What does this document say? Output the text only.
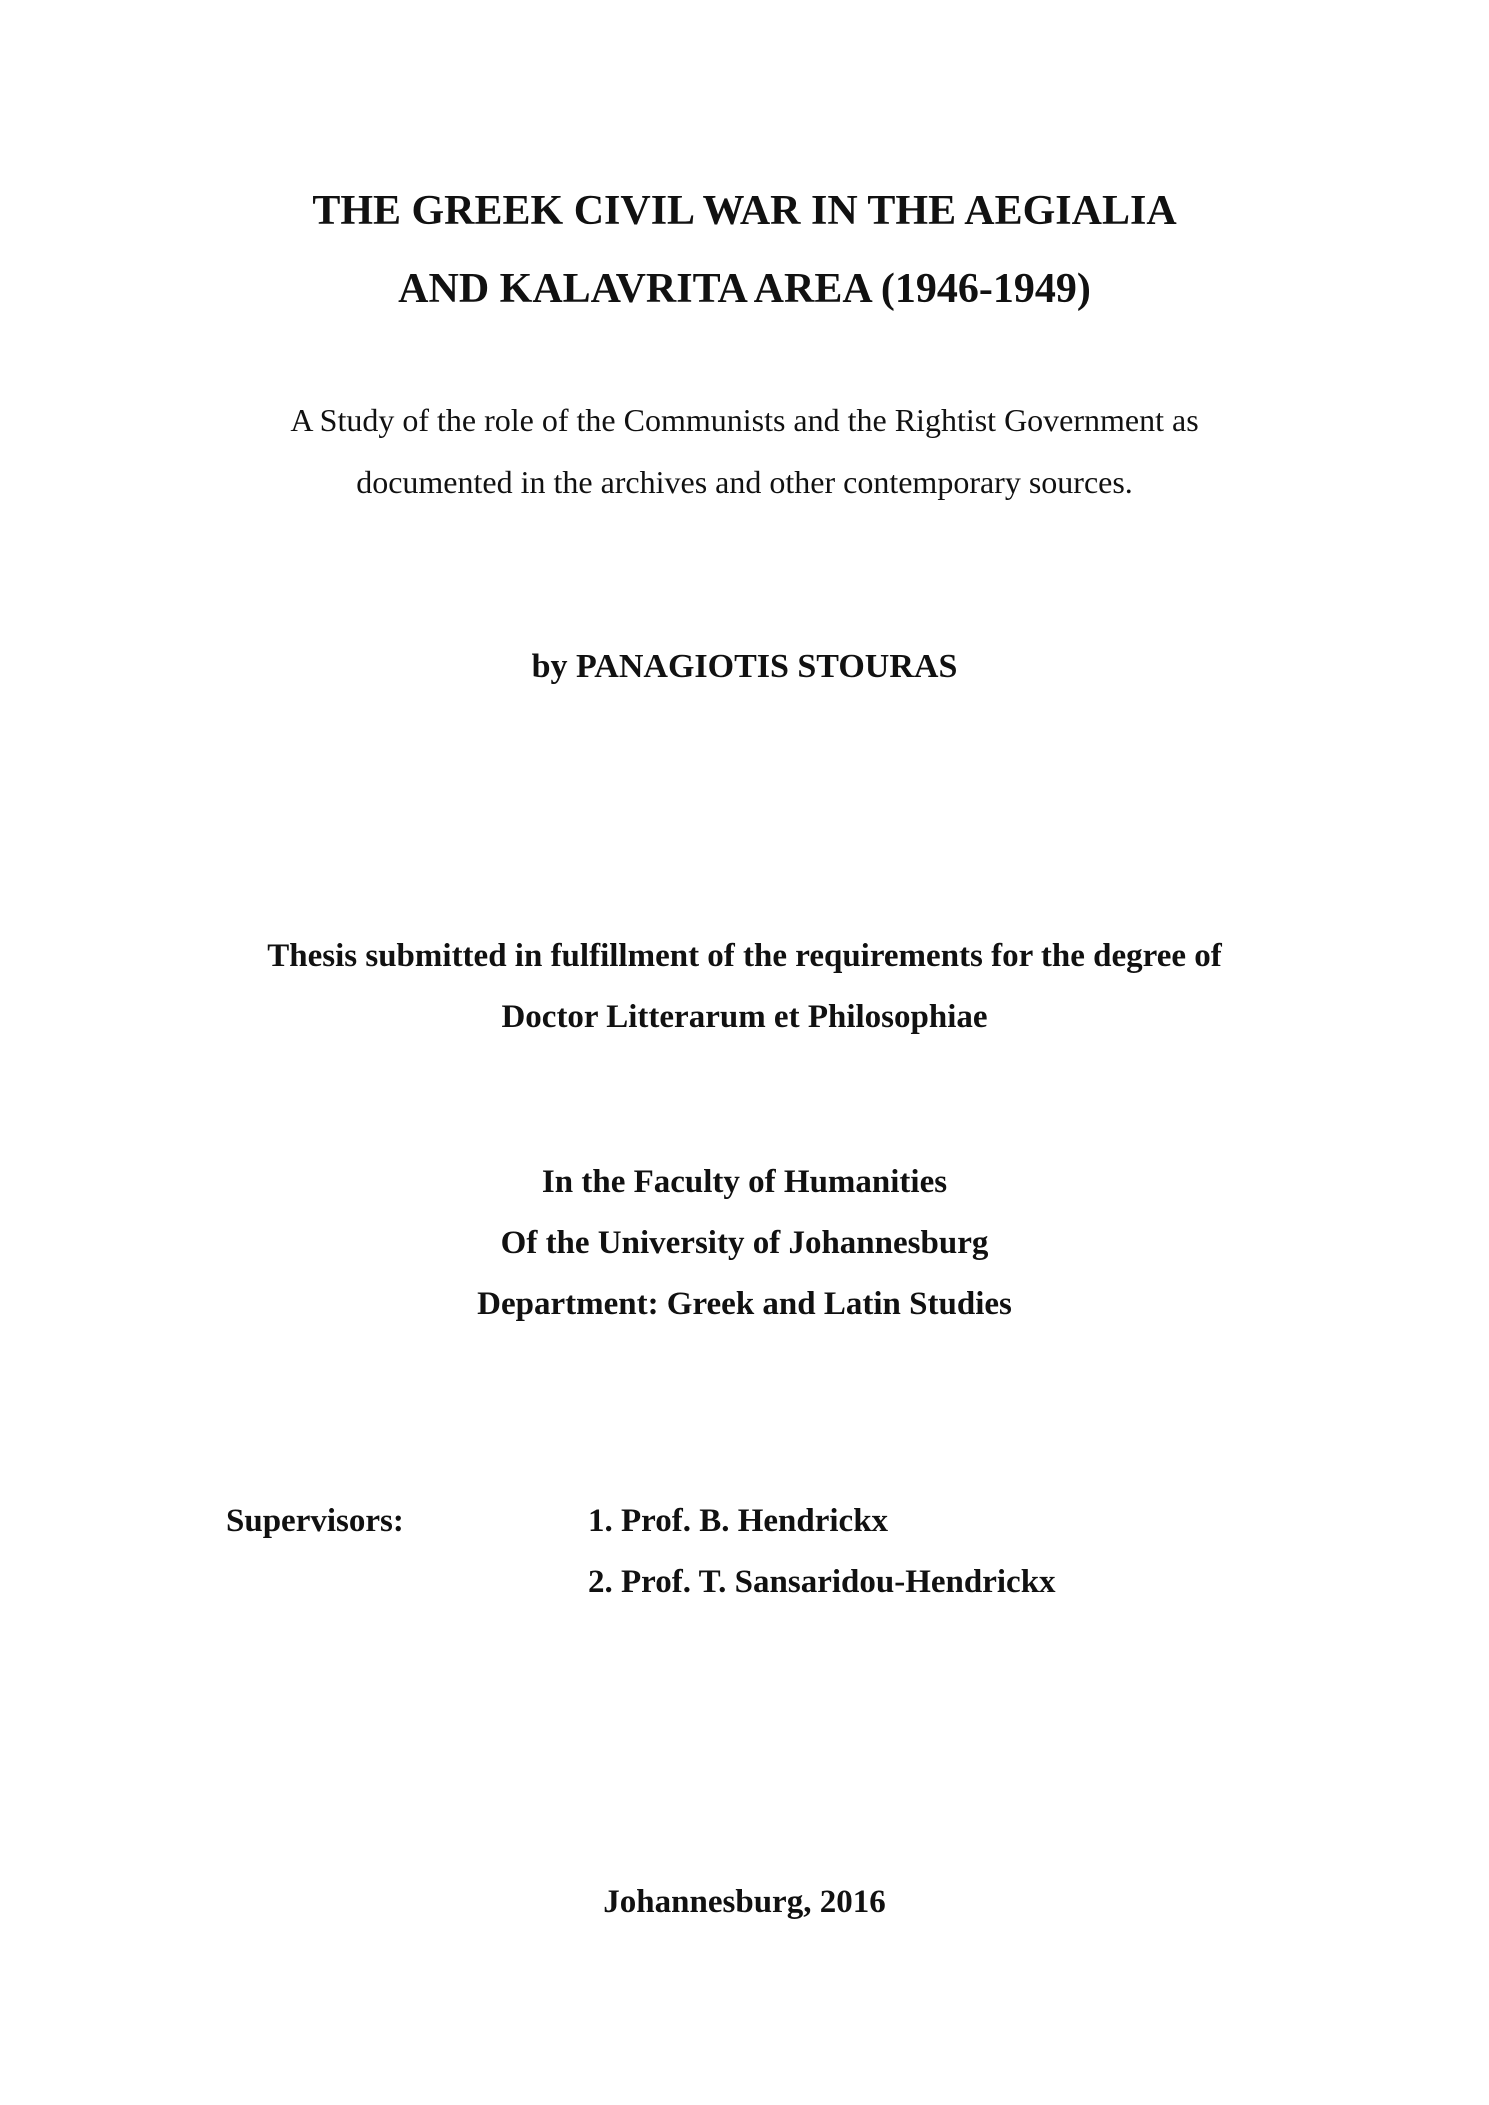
THE GREEK CIVIL WAR IN THE AEGIALIA
AND KALAVRITA AREA (1946-1949)

A Study of the role of the Communists and the Rightist Government as

documented in the archives and other contemporary sources.

by PANAGIOTIS STOURAS

Thesis submitted in fulfillment of the requirements for the degree of

Doctor Litterarum et Philosophiae

In the Faculty of Humanities

Of the University of Johannesburg

Department: Greek and Latin Studies

Supervisors:	1. Prof. B. Hendrickx
2. Prof. T. Sansaridou-Hendrickx

Johannesburg, 2016
